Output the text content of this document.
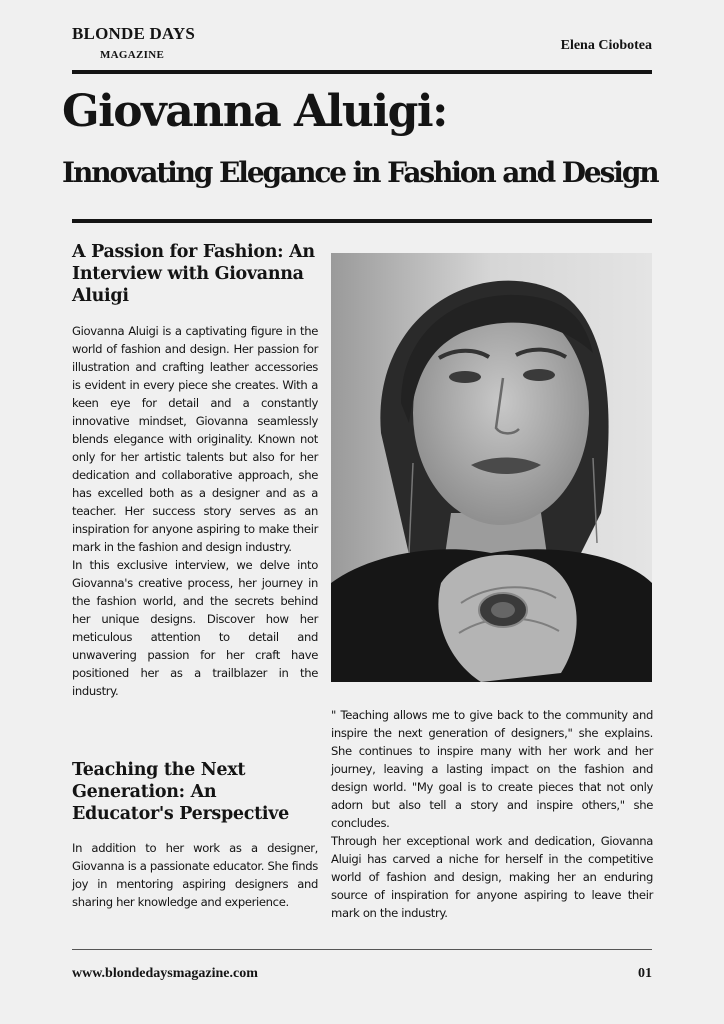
BLONDE DAYS
MAGAZINE
Elena Ciobotea
Giovanna Aluigi:
Innovating Elegance in Fashion and Design
A Passion for Fashion: An Interview with Giovanna Aluigi

Giovanna Aluigi is a captivating figure in the world of fashion and design. Her passion for illustration and crafting leather accessories is evident in every piece she creates. With a keen eye for detail and a constantly innovative mindset, Giovanna seamlessly blends elegance with originality. Known not only for her artistic talents but also for her dedication and collaborative approach, she has excelled both as a designer and as a teacher. Her success story serves as an inspiration for anyone aspiring to make their mark in the fashion and design industry.

In this exclusive interview, we delve into Giovanna's creative process, her journey in the fashion world, and the secrets behind her unique designs. Discover how her meticulous attention to detail and unwavering passion for her craft have positioned her as a trailblazer in the industry.

Teaching the Next Generation: An Educator's Perspective

In addition to her work as a designer, Giovanna is a passionate educator. She finds joy in mentoring aspiring designers and sharing her knowledge and experience.

" Teaching allows me to give back to the community and inspire the next generation of designers," she explains. She continues to inspire many with her work and her journey, leaving a lasting impact on the fashion and design world. "My goal is to create pieces that not only adorn but also tell a story and inspire others," she concludes.

Through her exceptional work and dedication, Giovanna Aluigi has carved a niche for herself in the competitive world of fashion and design, making her an enduring source of inspiration for anyone aspiring to leave their mark on the industry.

www.blondedaysmagazine.com	01
